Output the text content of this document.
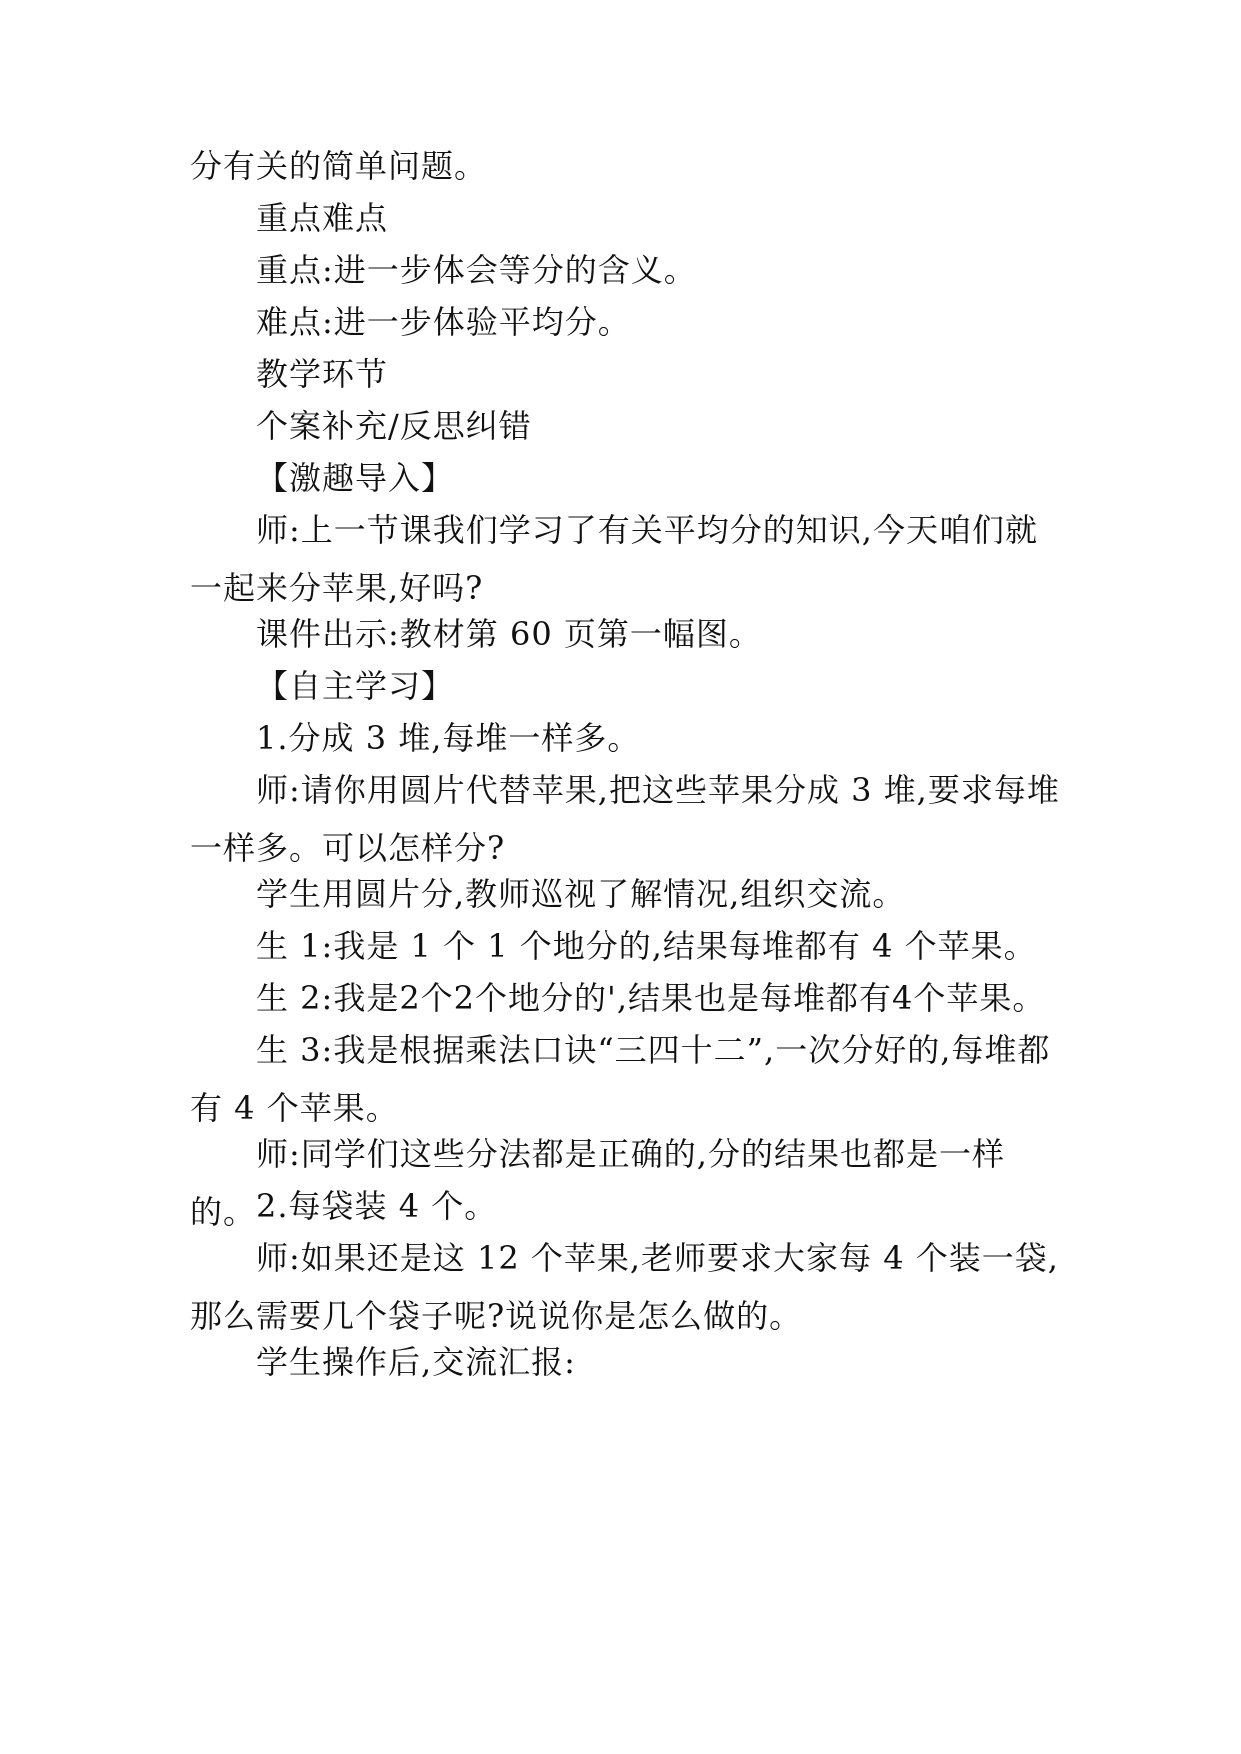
分有关的简单问题。

重点难点

重点:进一步体会等分的含义。

难点:进一步体验平均分。

教学环节

个案补充/反思纠错

【激趣导入】

师:上一节课我们学习了有关平均分的知识,今天咱们就一起来分苹果,好吗?

课件出示:教材第 60 页第一幅图。

【自主学习】

1.分成 3 堆,每堆一样多。

师:请你用圆片代替苹果,把这些苹果分成 3 堆,要求每堆一样多。可以怎样分?

学生用圆片分,教师巡视了解情况,组织交流。

生 1:我是 1 个 1 个地分的,结果每堆都有 4 个苹果。

生 2:我是2个2个地分的',结果也是每堆都有4个苹果。

生 3:我是根据乘法口诀“三四十二”,一次分好的,每堆都有 4 个苹果。

师:同学们这些分法都是正确的,分的结果也都是一样的。 2.每袋装 4 个。

师:如果还是这 12 个苹果,老师要求大家每 4 个装一袋,那么需要几个袋子呢?说说你是怎么做的。

学生操作后,交流汇报:
